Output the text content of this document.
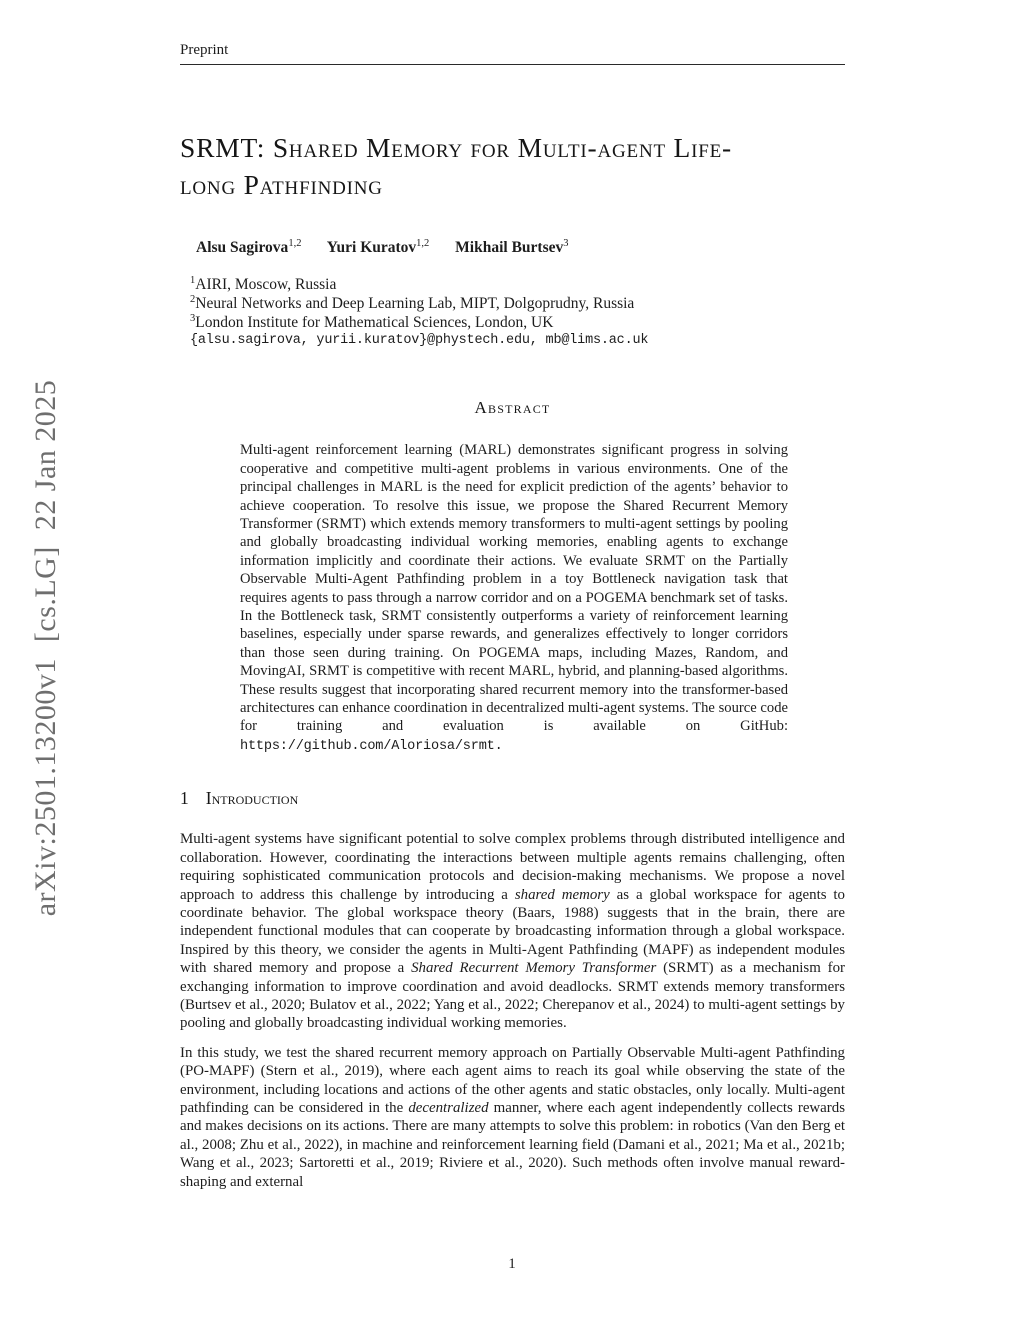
arXiv:2501.13200v1  [cs.LG]  22 Jan 2025
Preprint
SRMT: Shared Memory for Multi-agent Life-
long Pathfinding
Alsu Sagirova$^{1,2}$ Yuri Kuratov$^{1,2}$ Mikhail Burtsev$^3$
$^1$AIRI, Moscow, Russia
$^2$Neural Networks and Deep Learning Lab, MIPT, Dolgoprudny, Russia
$^3$London Institute for Mathematical Sciences, London, UK
{alsu.sagirova, yurii.kuratov}@phystech.edu, mb@lims.ac.uk
Abstract

Multi-agent reinforcement learning (MARL) demonstrates significant progress in solving cooperative and competitive multi-agent problems in various environments. One of the principal challenges in MARL is the need for explicit prediction of the agents’ behavior to achieve cooperation. To resolve this issue, we propose the Shared Recurrent Memory Transformer (SRMT) which extends memory transformers to multi-agent settings by pooling and globally broadcasting individual working memories, enabling agents to exchange information implicitly and coordinate their actions. We evaluate SRMT on the Partially Observable Multi-Agent Pathfinding problem in a toy Bottleneck navigation task that requires agents to pass through a narrow corridor and on a POGEMA benchmark set of tasks. In the Bottleneck task, SRMT consistently outperforms a variety of reinforcement learning baselines, especially under sparse rewards, and generalizes effectively to longer corridors than those seen during training. On POGEMA maps, including Mazes, Random, and MovingAI, SRMT is competitive with recent MARL, hybrid, and planning-based algorithms. These results suggest that incorporating shared recurrent memory into the transformer-based architectures can enhance coordination in decentralized multi-agent systems. The source code for training and evaluation is available on GitHub: https://github.com/Aloriosa/srmt.

1 Introduction

Multi-agent systems have significant potential to solve complex problems through distributed intelligence and collaboration. However, coordinating the interactions between multiple agents remains challenging, often requiring sophisticated communication protocols and decision-making mechanisms. We propose a novel approach to address this challenge by introducing a shared memory as a global workspace for agents to coordinate behavior. The global workspace theory (Baars, 1988) suggests that in the brain, there are independent functional modules that can cooperate by broadcasting information through a global workspace. Inspired by this theory, we consider the agents in Multi-Agent Pathfinding (MAPF) as independent modules with shared memory and propose a Shared Recurrent Memory Transformer (SRMT) as a mechanism for exchanging information to improve coordination and avoid deadlocks. SRMT extends memory transformers (Burtsev et al., 2020; Bulatov et al., 2022; Yang et al., 2022; Cherepanov et al., 2024) to multi-agent settings by pooling and globally broadcasting individual working memories.

In this study, we test the shared recurrent memory approach on Partially Observable Multi-agent Pathfinding (PO-MAPF) (Stern et al., 2019), where each agent aims to reach its goal while observing the state of the environment, including locations and actions of the other agents and static obstacles, only locally. Multi-agent pathfinding can be considered in the decentralized manner, where each agent independently collects rewards and makes decisions on its actions. There are many attempts to solve this problem: in robotics (Van den Berg et al., 2008; Zhu et al., 2022), in machine and reinforcement learning field (Damani et al., 2021; Ma et al., 2021b; Wang et al., 2023; Sartoretti et al., 2019; Riviere et al., 2020). Such methods often involve manual reward-shaping and external

1
